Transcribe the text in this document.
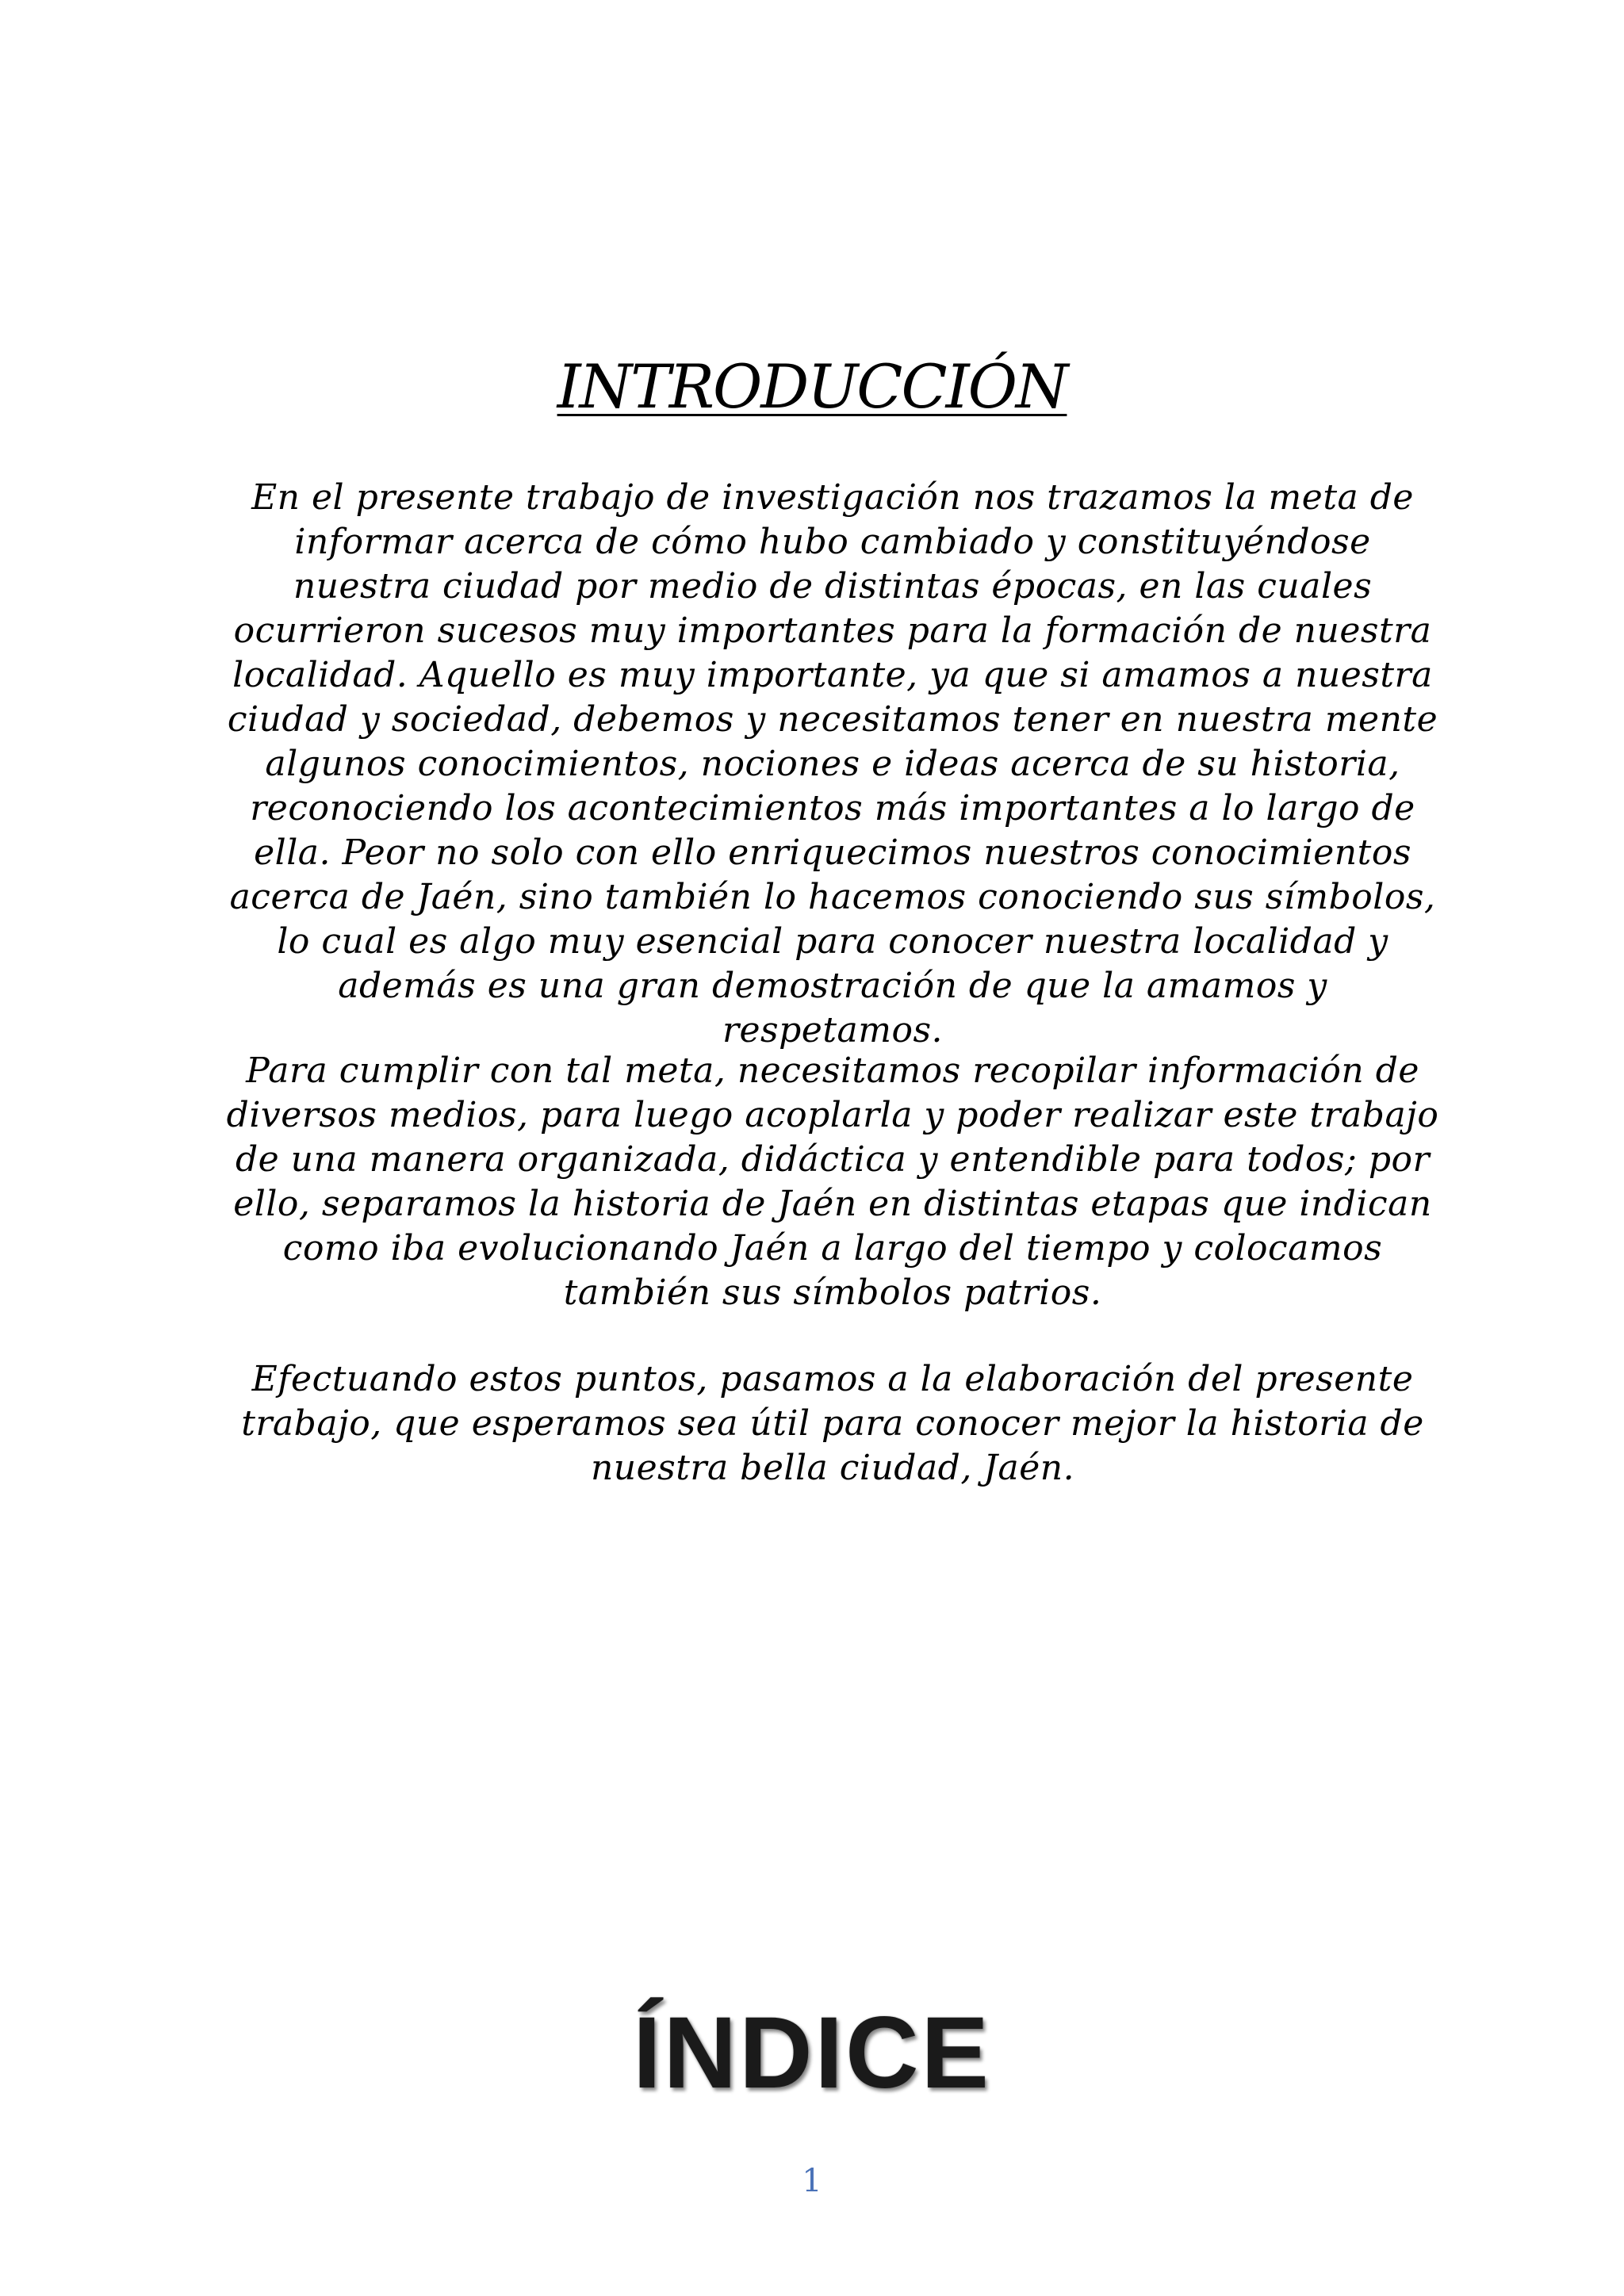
INTRODUCCIÓN
En el presente trabajo de investigación nos trazamos la meta de informar acerca de cómo hubo cambiado y constituyéndose nuestra ciudad por medio de distintas épocas, en las cuales ocurrieron sucesos muy importantes para la formación de nuestra localidad. Aquello es muy importante, ya que si amamos a nuestra ciudad y sociedad, debemos y necesitamos tener en nuestra mente algunos conocimientos, nociones e ideas acerca de su historia, reconociendo los acontecimientos más importantes a lo largo de ella. Peor no solo con ello enriquecimos nuestros conocimientos acerca de Jaén, sino también lo hacemos conociendo sus símbolos, lo cual es algo muy esencial para conocer nuestra localidad y además es una gran demostración de que la amamos y respetamos.
Para cumplir con tal meta, necesitamos recopilar información de diversos medios, para luego acoplarla y poder realizar este trabajo de una manera organizada, didáctica y entendible para todos; por ello, separamos la historia de Jaén en distintas etapas que indican como iba evolucionando Jaén a largo del tiempo y colocamos también sus símbolos patrios.
Efectuando estos puntos, pasamos a la elaboración del presente trabajo, que esperamos sea útil para conocer mejor la historia de nuestra bella ciudad, Jaén.
ÍNDICE
1
